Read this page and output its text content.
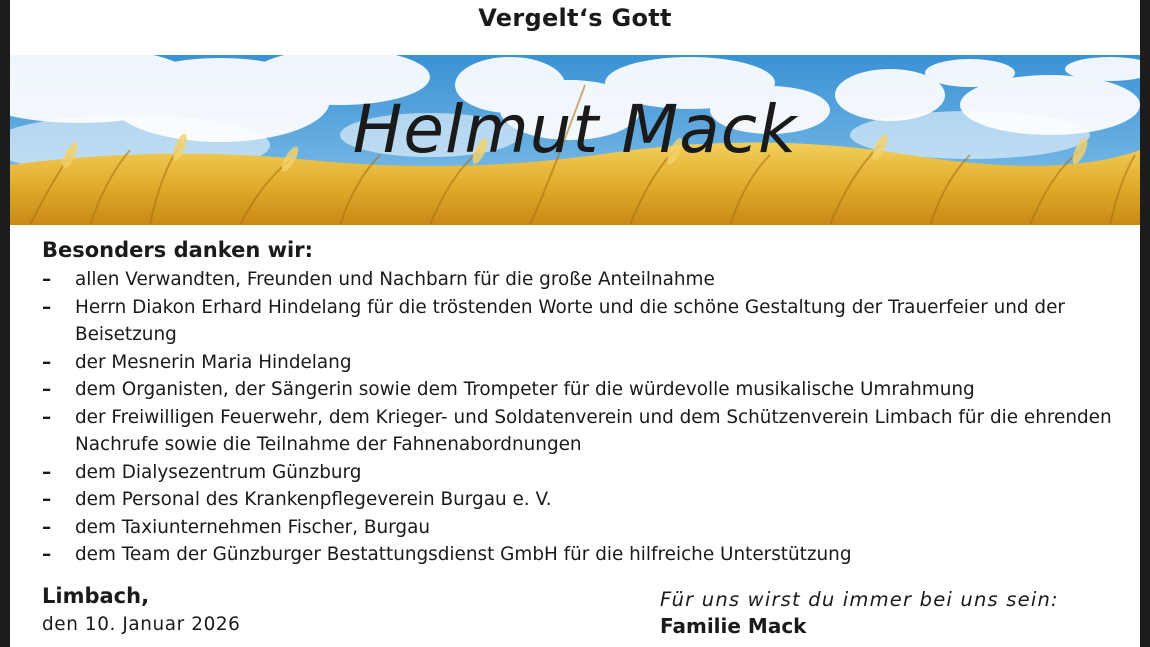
Vergelt‘s Gott
Helmut Mack
Besonders danken wir:
– allen Verwandten, Freunden und Nachbarn für die große Anteilnahme
– Herrn Diakon Erhard Hindelang für die tröstenden Worte und die schöne Gestaltung der Trauerfeier und der Beisetzung
– der Mesnerin Maria Hindelang
– dem Organisten, der Sängerin sowie dem Trompeter für die würdevolle musikalische Umrahmung
– der Freiwilligen Feuerwehr, dem Krieger- und Soldatenverein und dem Schützenverein Limbach für die ehrenden Nachrufe sowie die Teilnahme der Fahnenabordnungen
– dem Dialysezentrum Günzburg
– dem Personal des Krankenpflegeverein Burgau e. V.
– dem Taxiunternehmen Fischer, Burgau
– dem Team der Günzburger Bestattungsdienst GmbH für die hilfreiche Unterstützung
Limbach,
den 10. Januar 2026
Für uns wirst du immer bei uns sein:
Familie Mack
